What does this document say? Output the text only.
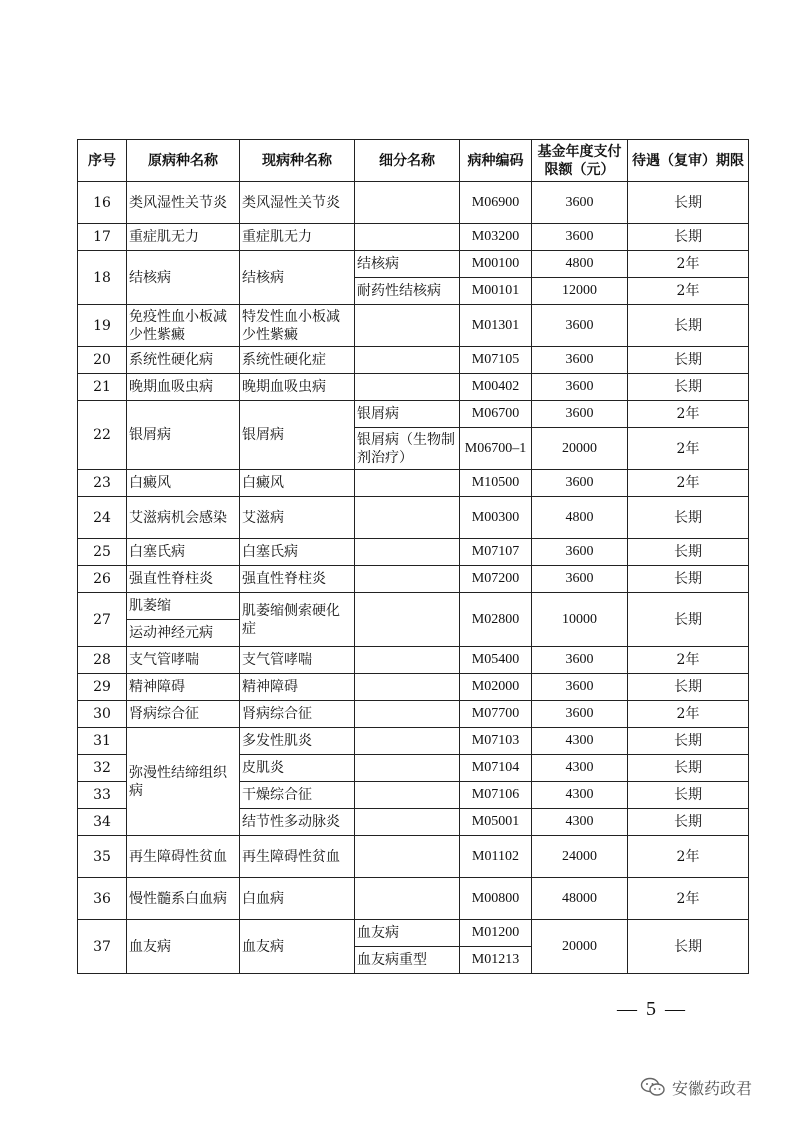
序号	原病种名称	现病种名称	细分名称	病种编码	基金年度支付限额（元）	待遇（复审）期限
16	类风湿性关节炎	类风湿性关节炎		M06900	3600	长期
17	重症肌无力	重症肌无力		M03200	3600	长期
18	结核病	结核病	结核病	M00100	4800	2年
			耐药性结核病	M00101	12000	2年
19	免疫性血小板减少性紫癜	特发性血小板减少性紫癜		M01301	3600	长期
20	系统性硬化病	系统性硬化症		M07105	3600	长期
21	晚期血吸虫病	晚期血吸虫病		M00402	3600	长期
22	银屑病	银屑病	银屑病	M06700	3600	2年
			银屑病（生物制剂治疗）	M06700–1	20000	2年
23	白癜风	白癜风		M10500	3600	2年
24	艾滋病机会感染	艾滋病		M00300	4800	长期
25	白塞氏病	白塞氏病		M07107	3600	长期
26	强直性脊柱炎	强直性脊柱炎		M07200	3600	长期
27	肌萎缩	肌萎缩侧索硬化症		M02800	10000	长期
	运动神经元病					
28	支气管哮喘	支气管哮喘		M05400	3600	2年
29	精神障碍	精神障碍		M02000	3600	长期
30	肾病综合征	肾病综合征		M07700	3600	2年
31	弥漫性结缔组织病	多发性肌炎		M07103	4300	长期
32		皮肌炎		M07104	4300	长期
33		干燥综合征		M07106	4300	长期
34		结节性多动脉炎		M05001	4300	长期
35	再生障碍性贫血	再生障碍性贫血		M01102	24000	2年
36	慢性髓系白血病	白血病		M00800	48000	2年
37	血友病	血友病	血友病	M01200	20000	长期
			血友病重型	M01213		
— 5 —
安徽药政君
